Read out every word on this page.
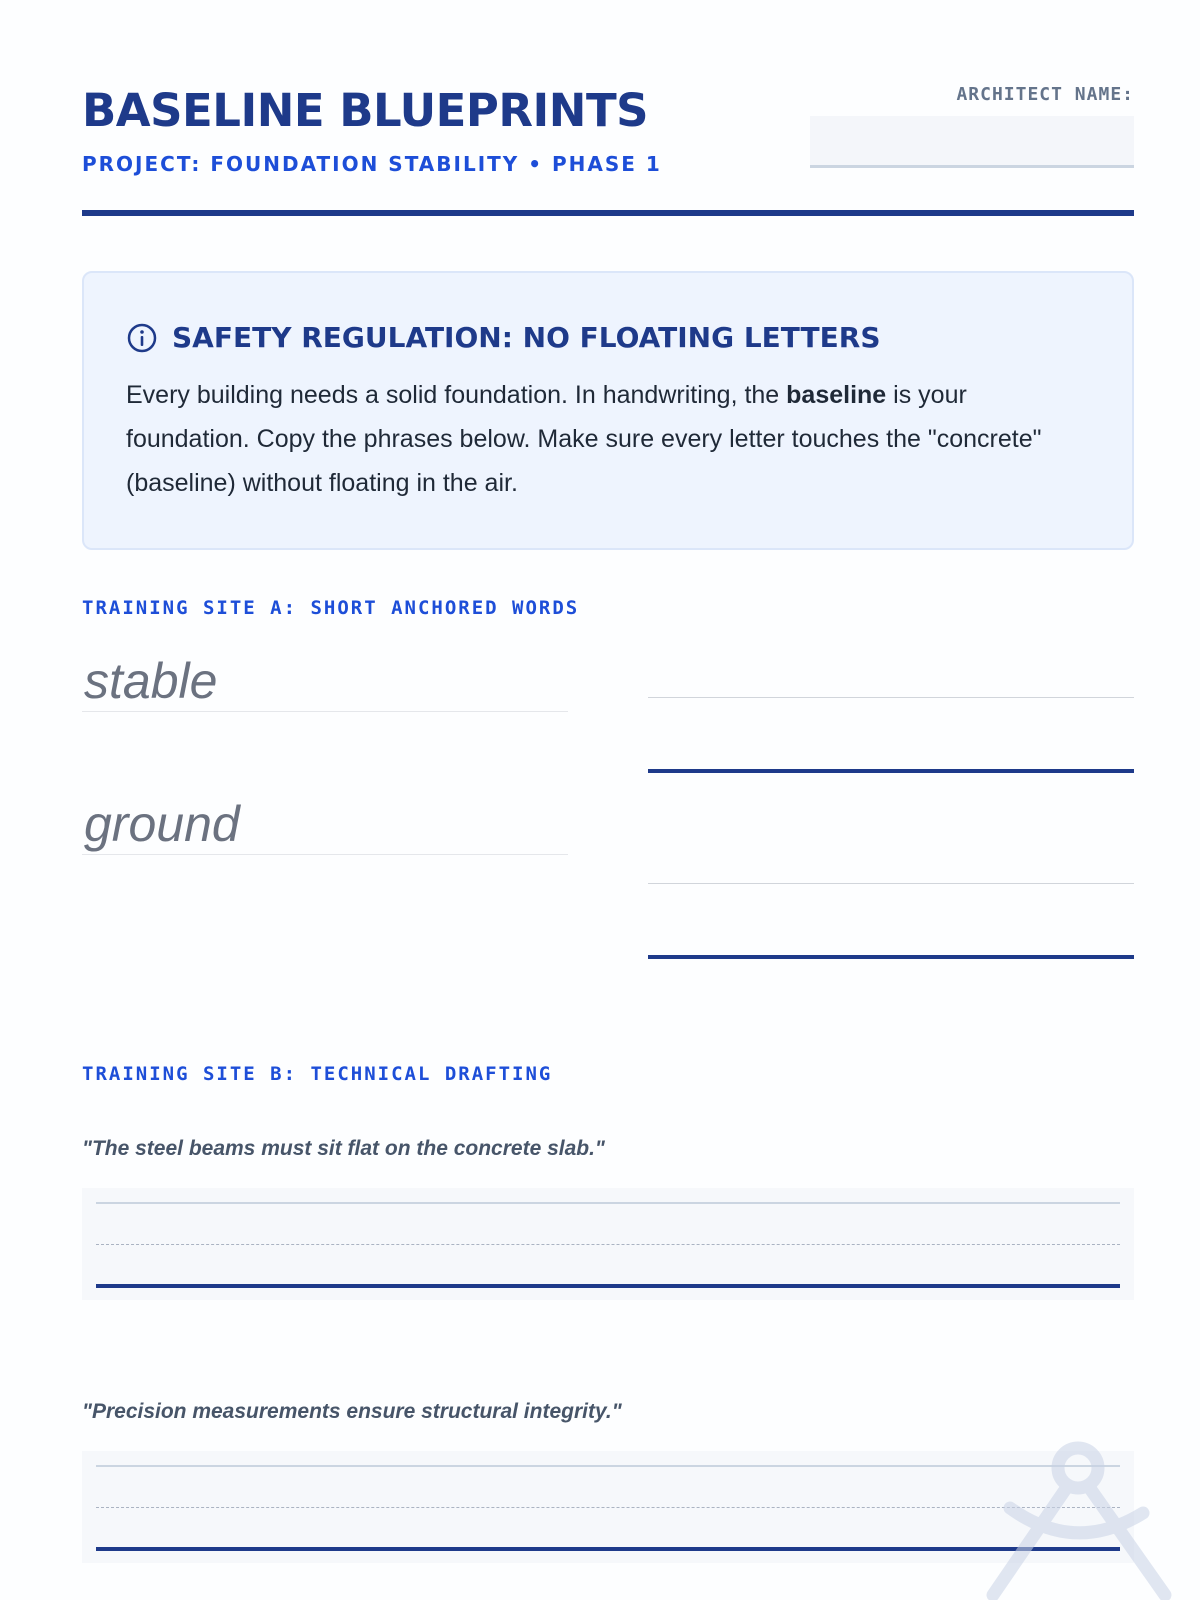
BASELINE BLUEPRINTS
PROJECT: FOUNDATION STABILITY • PHASE 1
ARCHITECT NAME:
SAFETY REGULATION: NO FLOATING LETTERS

Every building needs a solid foundation. In handwriting, the baseline is your foundation. Copy the phrases below. Make sure every letter touches the "concrete" (baseline) without floating in the air.

TRAINING SITE A: SHORT ANCHORED WORDS
stable
ground
TRAINING SITE B: TECHNICAL DRAFTING
"The steel beams must sit flat on the concrete slab."
"Precision measurements ensure structural integrity."
